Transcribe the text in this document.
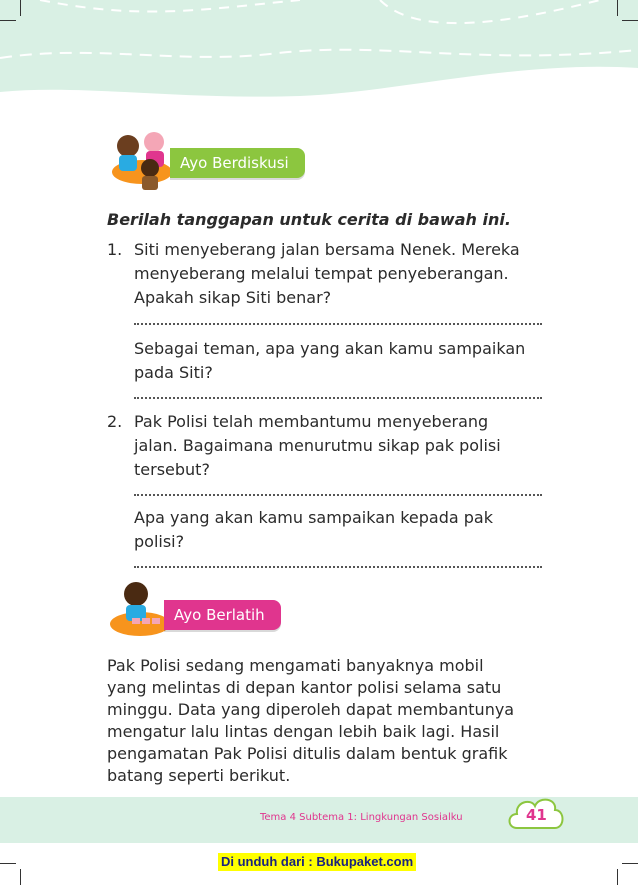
Ayo Berdiskusi
Berilah tanggapan untuk cerita di bawah ini.
1. Siti menyeberang jalan bersama Nenek. Mereka
menyeberang melalui tempat penyeberangan.
Apakah sikap Siti benar?
Sebagai teman, apa yang akan kamu sampaikan
pada Siti?
2. Pak Polisi telah membantumu menyeberang
jalan. Bagaimana menurutmu sikap pak polisi
tersebut?
Apa yang akan kamu sampaikan kepada pak
polisi?
Ayo Berlatih
Pak Polisi sedang mengamati banyaknya mobil
yang melintas di depan kantor polisi selama satu
minggu. Data yang diperoleh dapat membantunya
mengatur lalu lintas dengan lebih baik lagi. Hasil
pengamatan Pak Polisi ditulis dalam bentuk grafik
batang seperti berikut.
Tema 4 Subtema 1: Lingkungan Sosialku	41
Di unduh dari : Bukupaket.com
